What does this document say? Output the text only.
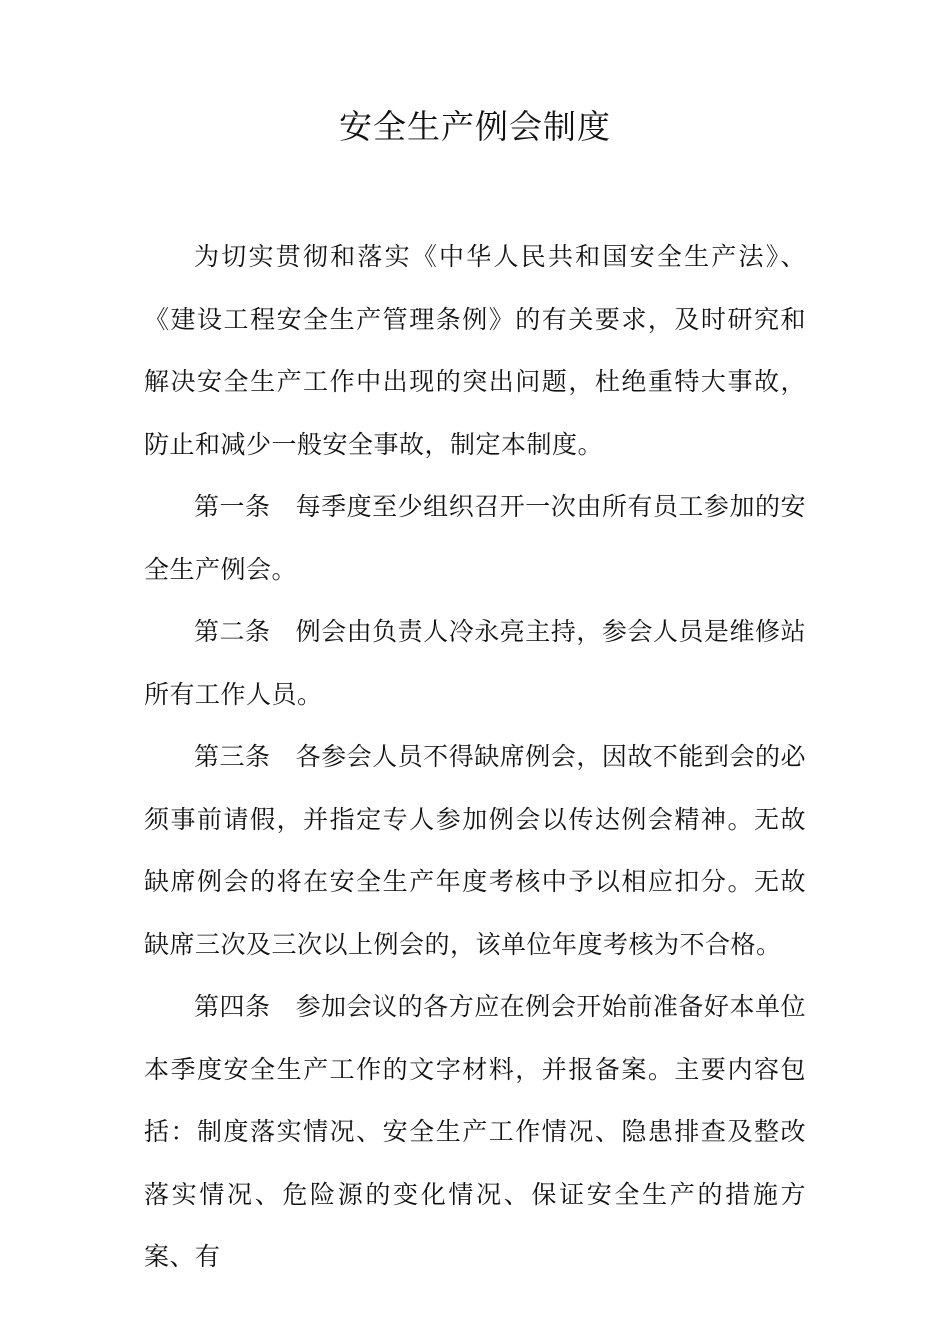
安全生产例会制度

为切实贯彻和落实《中华人民共和国安全生产法》、《建设工程安全生产管理条例》的有关要求，及时研究和解决安全生产工作中出现的突出问题，杜绝重特大事故，防止和减少一般安全事故，制定本制度。

第一条 每季度至少组织召开一次由所有员工参加的安全生产例会。

第二条 例会由负责人冷永亮主持，参会人员是维修站所有工作人员。

第三条 各参会人员不得缺席例会，因故不能到会的必须事前请假，并指定专人参加例会以传达例会精神。无故缺席例会的将在安全生产年度考核中予以相应扣分。无故缺席三次及三次以上例会的，该单位年度考核为不合格。

第四条 参加会议的各方应在例会开始前准备好本单位本季度安全生产工作的文字材料，并报备案。主要内容包括：制度落实情况、安全生产工作情况、隐患排查及整改落实情况、危险源的变化情况、保证安全生产的措施方案、有
